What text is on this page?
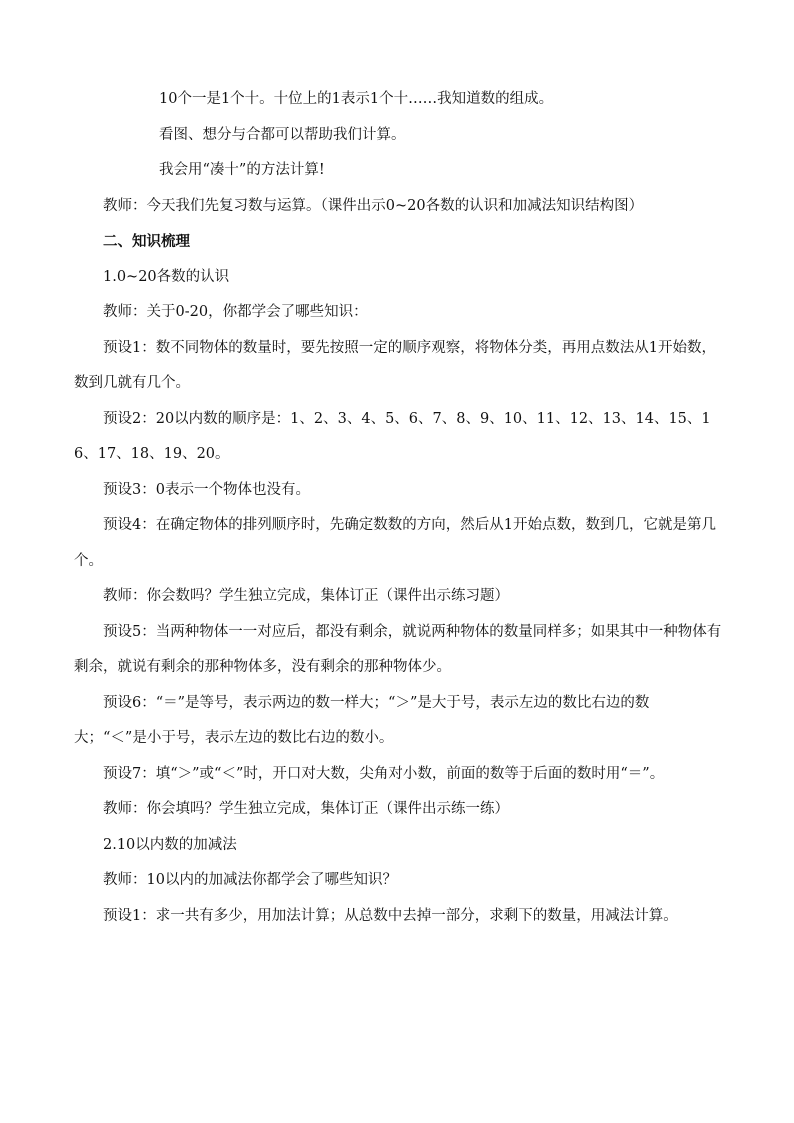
10个一是1个十。十位上的1表示1个十……我知道数的组成。

看图、想分与合都可以帮助我们计算。

我会用“凑十”的方法计算!

教师：今天我们先复习数与运算。（课件出示0~20各数的认识和加减法知识结构图）

二、知识梳理

1.0~20各数的认识

教师：关于0-20，你都学会了哪些知识：

预设1：数不同物体的数量时，要先按照一定的顺序观察，将物体分类，再用点数法从1开始数，数到几就有几个。

预设2：20以内数的顺序是：1、2、3、4、5、6、7、8、9、10、11、12、13、14、15、16、17、18、19、20。

预设3：0表示一个物体也没有。

预设4：在确定物体的排列顺序时，先确定数数的方向，然后从1开始点数，数到几，它就是第几个。

教师：你会数吗？学生独立完成，集体订正（课件出示练习题）

预设5：当两种物体一一对应后，都没有剩余，就说两种物体的数量同样多；如果其中一种物体有剩余，就说有剩余的那种物体多，没有剩余的那种物体少。

预设6：“＝”是等号，表示两边的数一样大；“＞”是大于号，表示左边的数比右边的数大；“＜”是小于号，表示左边的数比右边的数小。

预设7：填“＞”或“＜”时，开口对大数，尖角对小数，前面的数等于后面的数时用“＝”。

教师：你会填吗？学生独立完成，集体订正（课件出示练一练）

2.10以内数的加减法

教师：10以内的加减法你都学会了哪些知识？

预设1：求一共有多少，用加法计算；从总数中去掉一部分，求剩下的数量，用减法计算。
